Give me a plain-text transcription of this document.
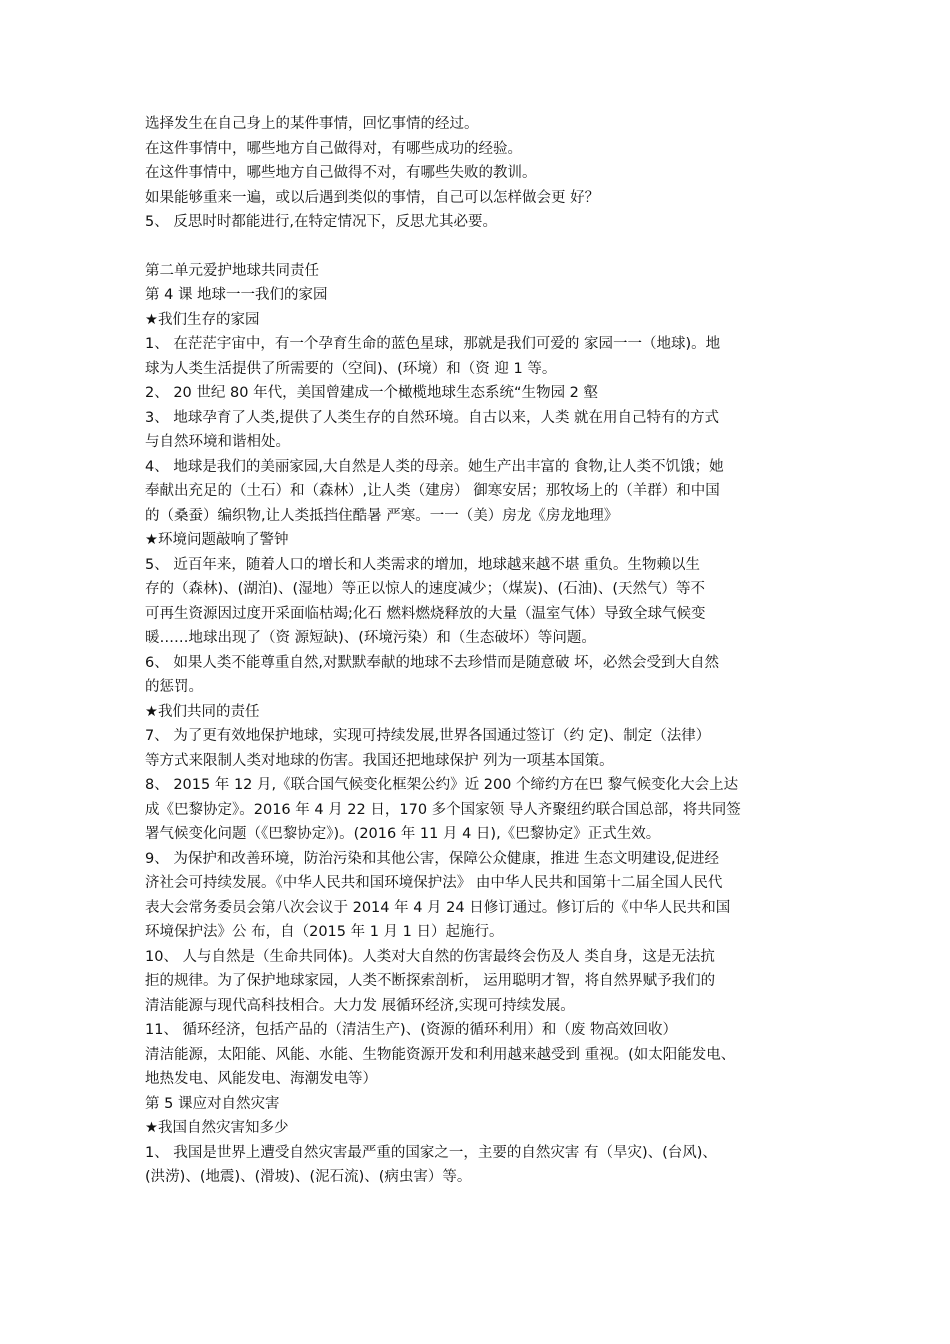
选择发生在自己身上的某件事情，回忆事情的经过。
在这件事情中，哪些地方自己做得对，有哪些成功的经验。
在这件事情中，哪些地方自己做得不对，有哪些失败的教训。
如果能够重来一遍，或以后遇到类似的事情，自己可以怎样做会更 好？
5、 反思时时都能进行,在特定情况下，反思尤其必要。
第二单元爱护地球共同责任
第 4 课 地球一一我们的家园
★我们生存的家园
1、 在茫茫宇宙中，有一个孕育生命的蓝色星球，那就是我们可爱的 家园一一（地球)。地
球为人类生活提供了所需要的（空间)、(环境）和（资 迎 1 等。
2、 20 世纪 80 年代，美国曾建成一个橄榄地球生态系统“生物园 2 壑
3、 地球孕育了人类,提供了人类生存的自然环境。自古以来，人类 就在用自己特有的方式
与自然环境和谐相处。
4、 地球是我们的美丽家园,大自然是人类的母亲。她生产出丰富的 食物,让人类不饥饿；她
奉献出充足的（土石）和（森林）,让人类（建房） 御寒安居；那牧场上的（羊群）和中国
的（桑蚕）编织物,让人类抵挡住酷暑 严寒。一一（美）房龙《房龙地理》
★环境问题敲响了警钟
5、 近百年来，随着人口的增长和人类需求的增加，地球越来越不堪 重负。生物赖以生
存的（森林)、(湖泊)、(湿地）等正以惊人的速度减少；（煤炭)、(石油)、(天然气）等不
可再生资源因过度开采面临枯竭;化石 燃料燃烧释放的大量（温室气体）导致全球气候变
暖……地球出现了（资 源短缺)、(环境污染）和（生态破坏）等问题。
6、 如果人类不能尊重自然,对默默奉献的地球不去珍惜而是随意破 坏，必然会受到大自然
的惩罚。
★我们共同的责任
7、 为了更有效地保护地球，实现可持续发展,世界各国通过签订（约 定)、制定（法律）
等方式来限制人类对地球的伤害。我国还把地球保护 列为一项基本国策。
8、 2015 年 12 月,《联合国气候变化框架公约》近 200 个缔约方在巴 黎气候变化大会上达
成《巴黎协定》。2016 年 4 月 22 日，170 多个国家领 导人齐聚纽约联合国总部，将共同签
署气候变化问题（《巴黎协定》)。(2016 年 11 月 4 日),《巴黎协定》正式生效。
9、 为保护和改善环境，防治污染和其他公害，保障公众健康，推进 生态文明建设,促进经
济社会可持续发展。《中华人民共和国环境保护法》 由中华人民共和国第十二届全国人民代
表大会常务委员会第八次会议于 2014 年 4 月 24 日修订通过。修订后的《中华人民共和国
环境保护法》公 布，自（2015 年 1 月 1 日）起施行。
10、 人与自然是（生命共同体)。人类对大自然的伤害最终会伤及人 类自身，这是无法抗
拒的规律。为了保护地球家园，人类不断探索剖析， 运用聪明才智，将自然界赋予我们的
清洁能源与现代高科技相合。大力发 展循环经济,实现可持续发展。
11、 循环经济，包括产品的（清洁生产)、(资源的循环利用）和（废 物高效回收）
清洁能源，太阳能、风能、水能、生物能资源开发和利用越来越受到 重视。(如太阳能发电、
地热发电、风能发电、海潮发电等）
第 5 课应对自然灾害
★我国自然灾害知多少
1、 我国是世界上遭受自然灾害最严重的国家之一，主要的自然灾害 有（旱灾)、(台风)、
(洪涝)、(地震)、(滑坡)、(泥石流)、(病虫害）等。
